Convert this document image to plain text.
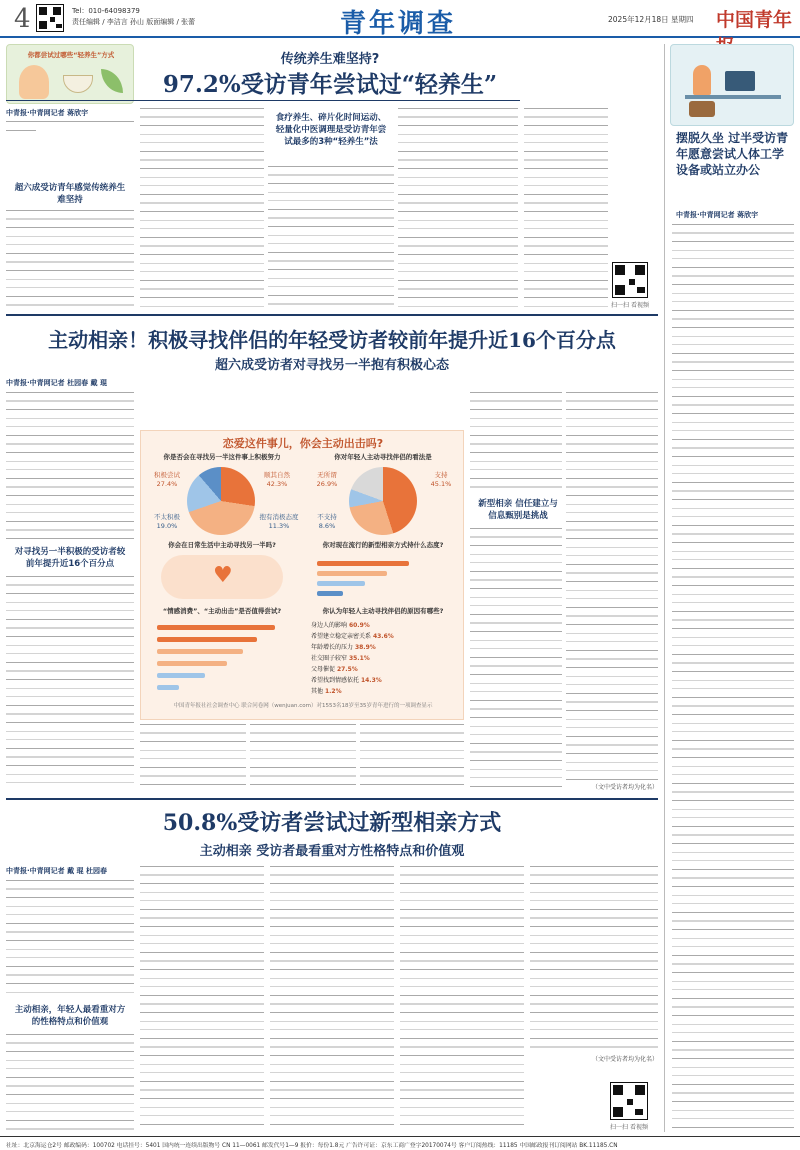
4	Tel：010-64098379
责任编辑 / 李洁言 孙山 版面编辑 / 张蕾	青年调查	2025年12月18日 星期四 中国青年
你都尝试过哪些“轻养生”方式	传统养生难坚持?
97.2%受访青年尝试过“轻养生”
中青报·中青网记者 蒋欣宇
超六成受访青年感觉传统养生难坚持
食疗养生、碎片化时间运动、轻量化中医调理是受访青年尝试最多的3种“轻养生”法
扫一扫 看视频
摆脱久坐 过半受访青年愿意尝试人体工学设备或站立办公
中青报·中青网记者 蒋欣宇
主动相亲！积极寻找伴侣的年轻受访者较前年提升近16个百分点
超六成受访者对寻找另一半抱有积极心态
中青报·中青网记者 杜园春 戴 琨
对寻找另一半积极的受访者较前年提升近16个百分点
新型相亲 信任建立与信息甄别是挑战
（文中受访者均为化名）
恋爱这件事儿，你会主动出击吗?
你是否会在寻找另一半这件事上积极努力
积极尝试
27.4%
顺其自然
42.3%
不太积极
19.0%
抱有消极态度
11.3%
你对年轻人主动寻找伴侣的看法是
支持
45.1%
无所谓
26.9%
不支持
8.6%
你会在日常生活中主动寻找另一半吗?
♥
你对现在流行的新型相亲方式持什么态度?
“情感消费”、“主动出击”是否值得尝试?	你认为年轻人主动寻找伴侣的原因有哪些?
身边人的影响 60.9%
希望建立稳定亲密关系 43.6%
年龄增长的压力 38.9%
社交圈子较窄 35.1%
父母催促 27.5%
希望找到情感依托 14.3%
其他 1.2%
中国青年报社社会调查中心 联合问卷网（wenjuan.com）对1553名18岁至35岁青年进行的一项调查显示
50.8%受访者尝试过新型相亲方式
主动相亲 受访者最看重对方性格特点和价值观
中青报·中青网记者 戴 琨 杜园春
主动相亲，年轻人最看重对方的性格特点和价值观
（文中受访者均为化名）
扫一扫 看视频
社址：北京海运仓2号 邮政编码：100702 电话挂号：5401 国内统一连续出版物号 CN 11—0061 邮发代号1—9 报价：每份1.8元 广告许可证：京东工商广登字20170074号 客户订阅热线：11185 中国邮政报刊订阅网站 BK.11185.CN
